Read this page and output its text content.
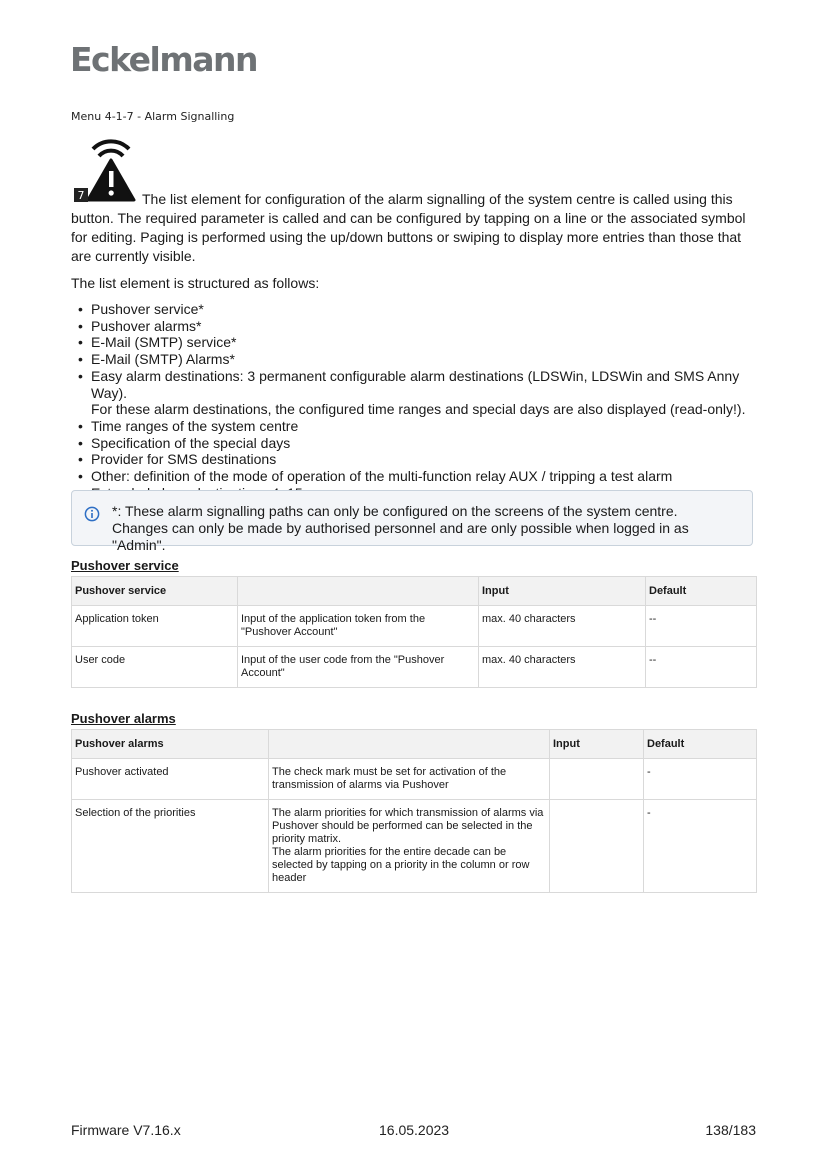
Eckelmann
Menu 4-1-7 - Alarm Signalling
7	The list element for configuration of the alarm signalling of the system centre is called using this button. The required parameter is called and can be configured by tapping on a line or the associated symbol for editing. Paging is performed using the up/down buttons or swiping to display more entries than those that are currently visible.

The list element is structured as follows:

• Pushover service*
• Pushover alarms*
• E-Mail (SMTP) service*
• E-Mail (SMTP) Alarms*
• Easy alarm destinations: 3 permanent configurable alarm destinations (LDSWin, LDSWin and SMS Anny Way).
For these alarm destinations, the configured time ranges and special days are also displayed (read-only!).
• Time ranges of the system centre
• Specification of the special days
• Provider for SMS destinations
• Other: definition of the mode of operation of the multi-function relay AUX / tripping a test alarm
•
*: These alarm signalling paths can only be configured on the screens of the system centre. Changes can only be made by authorised personnel and are only possible when logged in as "Admin".
Pushover service
Pushover service		Input	Default
Application token	Input of the application token from the "Pushover Account"	max. 40 characters	--
User code	Input of the user code from the "Pushover Account"	max. 40 characters	--
Pushover alarms
Pushover alarms		Input	Default
Pushover activated	The check mark must be set for activation of the transmission of alarms via Pushover		-
Selection of the priorities	The alarm priorities for which transmission of alarms via Pushover should be performed can be selected in the priority matrix.
The alarm priorities for the entire decade can be selected by tapping on a priority in the column or row header		-
Firmware V7.16.x	16.05.2023	138/183
